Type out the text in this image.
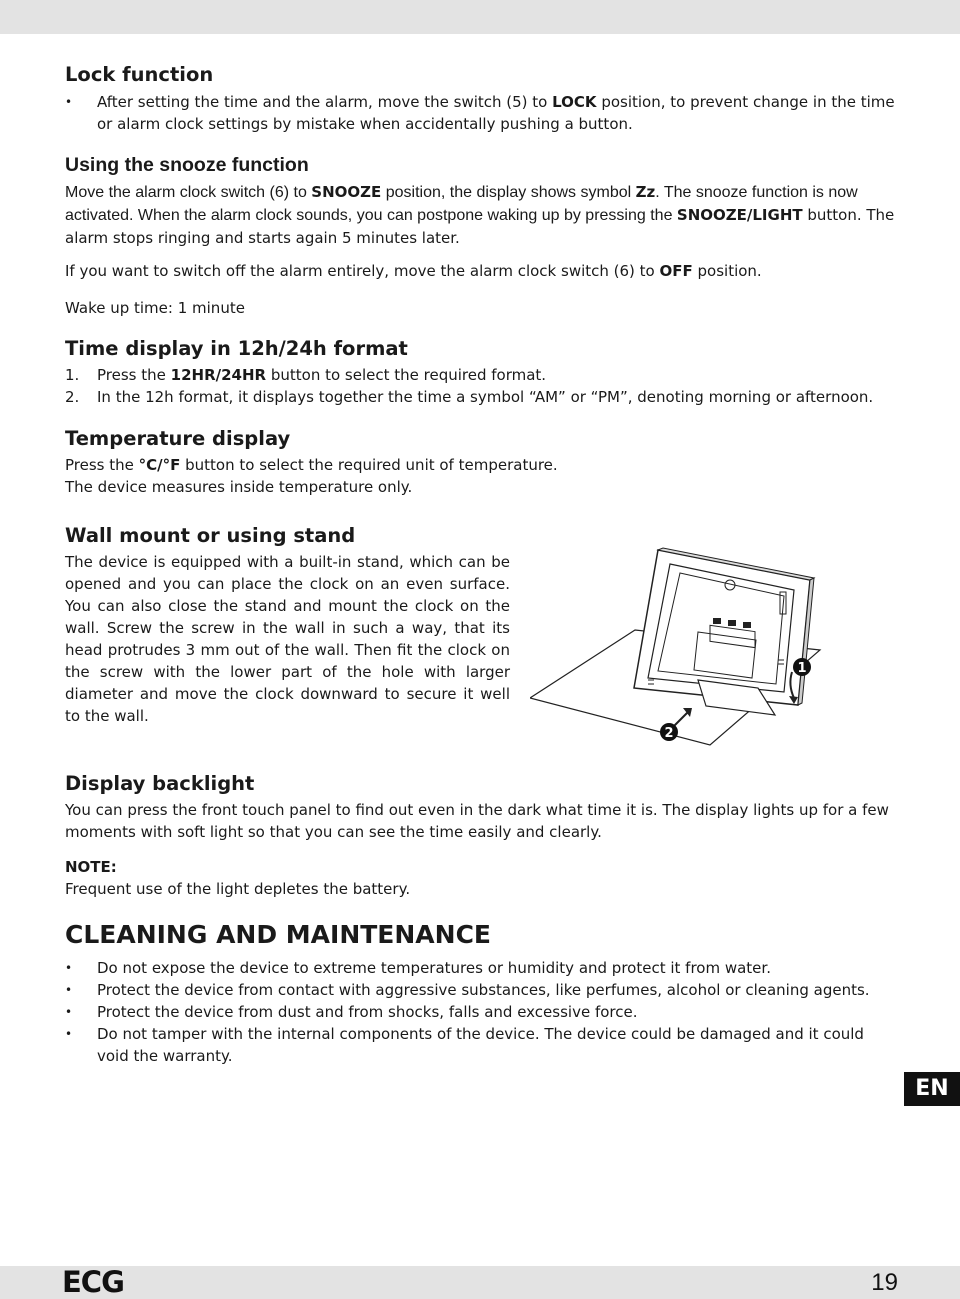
Lock function
• After setting the time and the alarm, move the switch (5) to LOCK position, to prevent change in the time or alarm clock settings by mistake when accidentally pushing a button.
Using the snooze function

Move the alarm clock switch (6) to SNOOZE position, the display shows symbol Zz. The snooze function is now activated. When the alarm clock sounds, you can postpone waking up by pressing the SNOOZE/LIGHT button. The alarm stops ringing and starts again 5 minutes later.

If you want to switch off the alarm entirely, move the alarm clock switch (6) to OFF position.

Wake up time: 1 minute

Time display in 12h/24h format
1. Press the 12HR/24HR button to select the required format.
2. In the 12h format, it displays together the time a symbol “AM” or “PM”, denoting morning or afternoon.
Temperature display

Press the °C/°F button to select the required unit of temperature.

The device measures inside temperature only.

Wall mount or using stand

The device is equipped with a built-in stand, which can be opened and you can place the clock on an even surface. You can also close the stand and mount the clock on the wall. Screw the screw in the wall in such a way, that its head protrudes 3 mm out of the wall. Then fit the clock on the screw with the lower part of the hole with larger diameter and move the clock downward to secure it well to the wall.

Display backlight

You can press the front touch panel to find out even in the dark what time it is. The display lights up for a few moments with soft light so that you can see the time easily and clearly.

NOTE:

Frequent use of the light depletes the battery.

CLEANING AND MAINTENANCE
• Do not expose the device to extreme temperatures or humidity and protect it from water.
• Protect the device from contact with aggressive substances, like perfumes, alcohol or cleaning agents.
• Protect the device from dust and from shocks, falls and excessive force.
• Do not tamper with the internal components of the device. The device could be damaged and it could void the warranty.
1
2
EN
ECG	19
